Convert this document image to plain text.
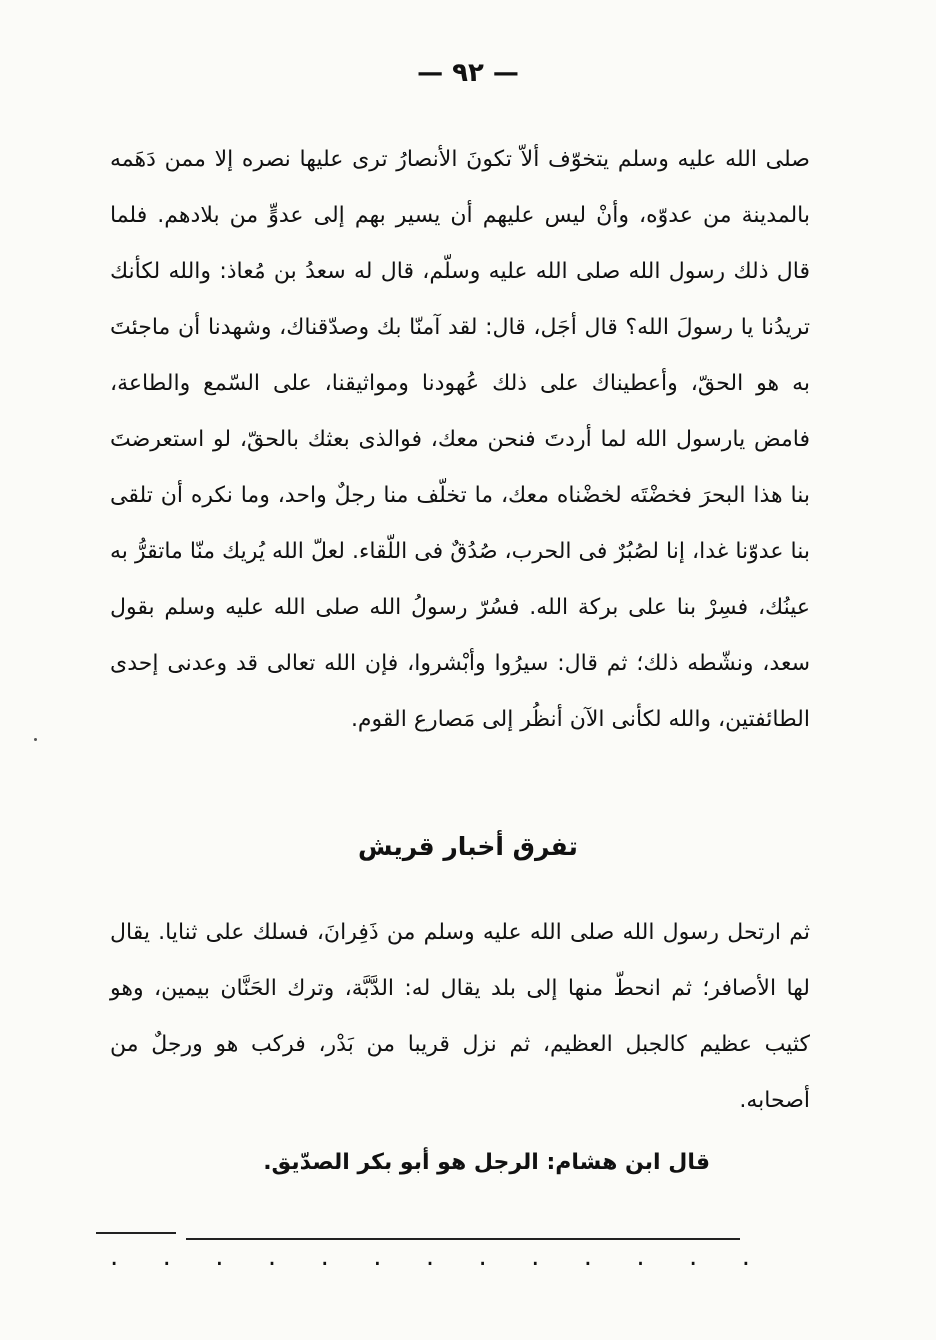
— ٩٢ —

صلى الله عليه وسلم يتخوّف ألاّ تكونَ الأنصارُ ترى عليها نصره إلا ممن دَهَمه بالمدينة من عدوّه، وأنْ ليس عليهم أن يسير بهم إلى عدوٍّ من بلادهم. فلما قال ذلك رسول الله صلى الله عليه وسلّم، قال له سعدُ بن مُعاذ: والله لكأنك تريدُنا يا رسولَ الله؟ قال أجَل، قال: لقد آمنّا بك وصدّقناك، وشهدنا أن ماجئتَ به هو الحقّ، وأعطيناك على ذلك عُهودنا ومواثيقنا، على السّمع والطاعة، فامض يارسول الله لما أردتَ فنحن معك، فوالذى بعثك بالحقّ، لو استعرضتَ بنا هذا البحرَ فخضْتَه لخضْناه معك، ما تخلّف منا رجلٌ واحد، وما نكره أن تلقى بنا عدوّنا غدا، إنا لصُبُرٌ فى الحرب، صُدُقٌ فى اللّقاء. لعلّ الله يُريك منّا ماتقرُّ به عينُك، فسِرْ بنا على بركة الله. فسُرّ رسولُ الله صلى الله عليه وسلم بقول سعد، ونشّطه ذلك؛ ثم قال: سيرُوا وأبْشروا، فإن الله تعالى قد وعدنى إحدى الطائفتين، والله لكأنى الآن أنظُر إلى مَصارع القوم.

تفرق أخبار قريش

ثم ارتحل رسول الله صلى الله عليه وسلم من ذَفِرانَ، فسلك على ثنايا. يقال لها الأصافر؛ ثم انحطّ منها إلى بلد يقال له: الدَّبَّة، وترك الحَنَّان بيمين، وهو كثيب عظيم كالجبل العظيم، ثم نزل قريبا من بَدْر، فركب هو ورجلٌ من أصحابه.

قال ابن هشام: الرجل هو أبو بكر الصدّيق.
. . . . . . . . . . . . .
